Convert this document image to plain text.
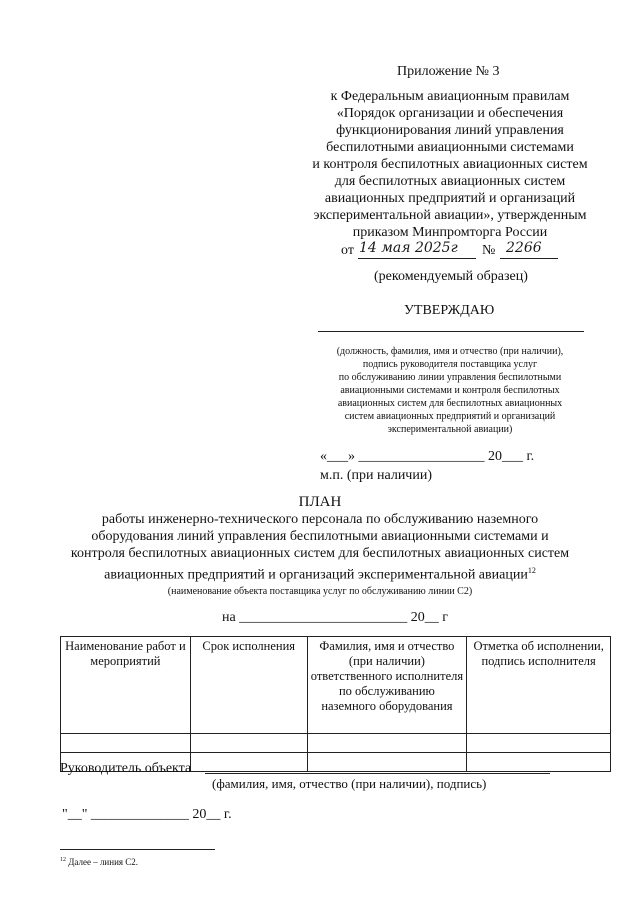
Приложение № 3
к Федеральным авиационным правилам
«Порядок организации и обеспечения
функционирования линий управления
беспилотными авиационными системами
и контроля беспилотных авиационных систем
для беспилотных авиационных систем
авиационных предприятий и организаций
экспериментальной авиации», утвержденным
приказом Минпромторга России
от 14 мая 2025г № 2266
(рекомендуемый образец)
УТВЕРЖДАЮ
(должность, фамилия, имя и отчество (при наличии),
подпись руководителя поставщика услуг
по обслуживанию линии управления беспилотными
авиационными системами и контроля беспилотных
авиационных систем для беспилотных авиационных
систем авиационных предприятий и организаций
экспериментальной авиации)
«___» __________________ 20___ г.
м.п. (при наличии)
ПЛАН
работы инженерно-технического персонала по обслуживанию наземного
оборудования линий управления беспилотными авиационными системами и
контроля беспилотных авиационных систем для беспилотных авиационных систем
авиационных предприятий и организаций экспериментальной авиации$^{12}$
(наименование объекта поставщика услуг по обслуживанию линии С2)
на ________________________ 20__ г
Наименование работ и мероприятий	Срок исполнения	Фамилия, имя и отчество (при наличии) ответственного исполнителя по обслуживанию наземного оборудования	Отметка об исполнении, подпись исполнителя

Руководитель объекта
(фамилия, имя, отчество (при наличии), подпись)
"__" ______________ 20__ г.
$^{12}$ Далее – линия С2.
